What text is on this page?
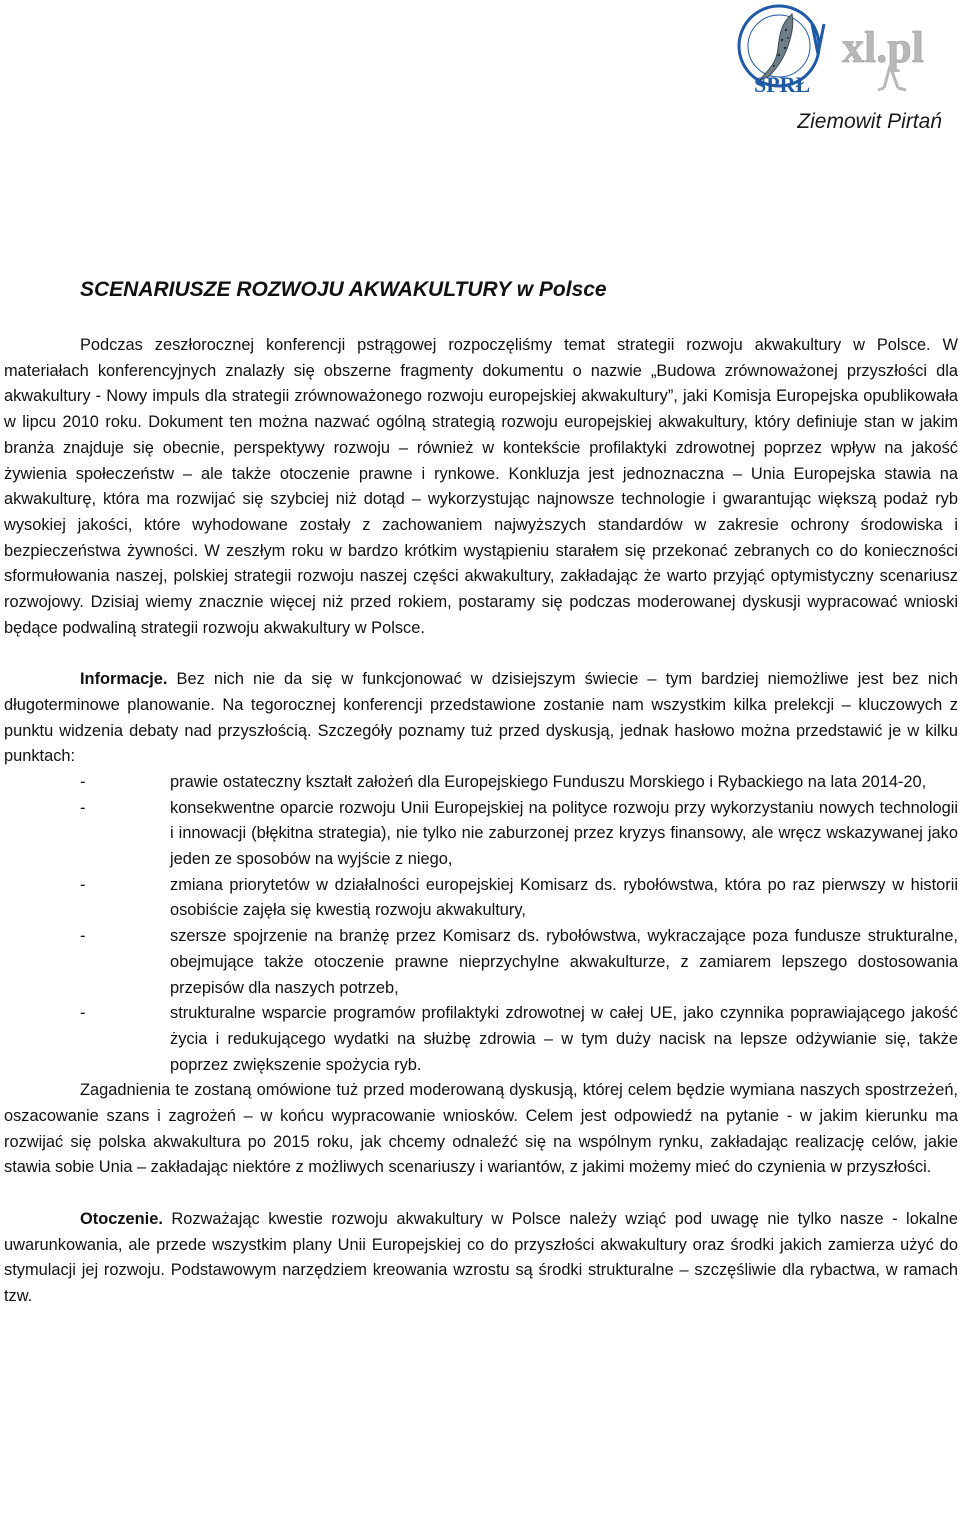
SPRŁ
xl.pl
Ziemowit Pirtań
SCENARIUSZE ROZWOJU AKWAKULTURY w Polsce

Podczas zeszłorocznej konferencji pstrągowej rozpoczęliśmy temat strategii rozwoju akwakultury w Polsce. W materiałach konferencyjnych znalazły się obszerne fragmenty dokumentu o nazwie „Budowa zrównoważonej przyszłości dla akwakultury - Nowy impuls dla strategii zrównoważonego rozwoju europejskiej akwakultury”, jaki Komisja Europejska opublikowała w lipcu 2010 roku. Dokument ten można nazwać ogólną strategią rozwoju europejskiej akwakultury, który definiuje stan w jakim branża znajduje się obecnie, perspektywy rozwoju – również w kontekście profilaktyki zdrowotnej poprzez wpływ na jakość żywienia społeczeństw – ale także otoczenie prawne i rynkowe. Konkluzja jest jednoznaczna – Unia Europejska stawia na akwakulturę, która ma rozwijać się szybciej niż dotąd – wykorzystując najnowsze technologie i gwarantując większą podaż ryb wysokiej jakości, które wyhodowane zostały z zachowaniem najwyższych standardów w zakresie ochrony środowiska i bezpieczeństwa żywności. W zeszłym roku w bardzo krótkim wystąpieniu starałem się przekonać zebranych co do konieczności sformułowania naszej, polskiej strategii rozwoju naszej części akwakultury, zakładając że warto przyjąć optymistyczny scenariusz rozwojowy. Dzisiaj wiemy znacznie więcej niż przed rokiem, postaramy się podczas moderowanej dyskusji wypracować wnioski będące podwaliną strategii rozwoju akwakultury w Polsce.

Informacje. Bez nich nie da się w funkcjonować w dzisiejszym świecie – tym bardziej niemożliwe jest bez nich długoterminowe planowanie. Na tegorocznej konferencji przedstawione zostanie nam wszystkim kilka prelekcji – kluczowych z punktu widzenia debaty nad przyszłością. Szczegóły poznamy tuż przed dyskusją, jednak hasłowo można przedstawić je w kilku punktach:

-	prawie ostateczny kształt założeń dla Europejskiego Funduszu Morskiego i Rybackiego na lata 2014-20,
-	konsekwentne oparcie rozwoju Unii Europejskiej na polityce rozwoju przy wykorzystaniu nowych technologii i innowacji (błękitna strategia), nie tylko nie zaburzonej przez kryzys finansowy, ale wręcz wskazywanej jako jeden ze sposobów na wyjście z niego,
-	zmiana priorytetów w działalności europejskiej Komisarz ds. rybołówstwa, która po raz pierwszy w historii osobiście zajęła się kwestią rozwoju akwakultury,
-	szersze spojrzenie na branżę przez Komisarz ds. rybołówstwa, wykraczające poza fundusze strukturalne, obejmujące także otoczenie prawne nieprzychylne akwakulturze, z zamiarem lepszego dostosowania przepisów dla naszych potrzeb,
-	strukturalne wsparcie programów profilaktyki zdrowotnej w całej UE, jako czynnika poprawiającego jakość życia i redukującego wydatki na służbę zdrowia – w tym duży nacisk na lepsze odżywianie się, także poprzez zwiększenie spożycia ryb.

Zagadnienia te zostaną omówione tuż przed moderowaną dyskusją, której celem będzie wymiana naszych spostrzeżeń, oszacowanie szans i zagrożeń – w końcu wypracowanie wniosków. Celem jest odpowiedź na pytanie - w jakim kierunku ma rozwijać się polska akwakultura po 2015 roku, jak chcemy odnaleźć się na wspólnym rynku, zakładając realizację celów, jakie stawia sobie Unia – zakładając niektóre z możliwych scenariuszy i wariantów, z jakimi możemy mieć do czynienia w przyszłości.

Otoczenie. Rozważając kwestie rozwoju akwakultury w Polsce należy wziąć pod uwagę nie tylko nasze - lokalne uwarunkowania, ale przede wszystkim plany Unii Europejskiej co do przyszłości akwakultury oraz środki jakich zamierza użyć do stymulacji jej rozwoju. Podstawowym narzędziem kreowania wzrostu są środki strukturalne – szczęśliwie dla rybactwa, w ramach tzw.
